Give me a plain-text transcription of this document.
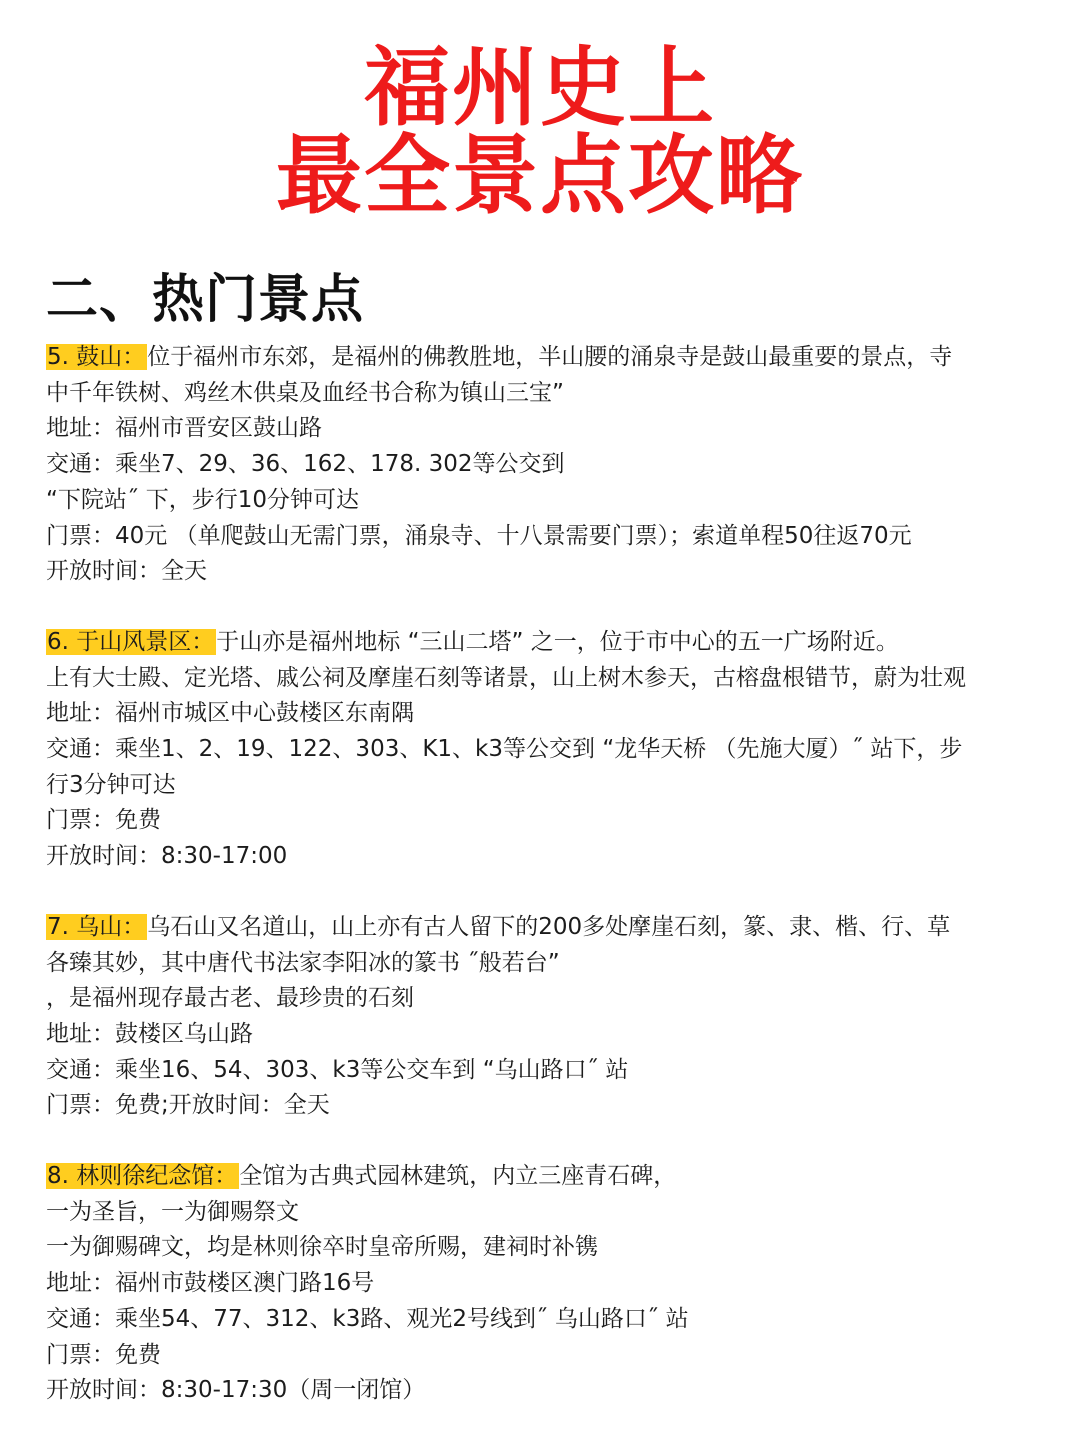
福州史上
最全景点攻略
二、热门景点
5. 鼓山：位于福州市东郊，是福州的佛教胜地，半山腰的涌泉寺是鼓山最重要的景点，寺
中千年铁树、鸡丝木供桌及血经书合称为镇山三宝”
地址：福州市晋安区鼓山路
交通：乘坐7、29、36、162、178. 302等公交到
“下院站˝ 下，步行10分钟可达
门票：40元 （单爬鼓山无需门票，涌泉寺、十八景需要门票）；索道单程50往返70元
开放时间：全天
6. 于山风景区：于山亦是福州地标 “三山二塔” 之一，位于市中心的五一广场附近。
上有大士殿、定光塔、戚公祠及摩崖石刻等诸景，山上树木参天，古榕盘根错节，蔚为壮观
地址：福州市城区中心鼓楼区东南隅
交通：乘坐1、2、19、122、303、K1、k3等公交到 “龙华天桥 （先施大厦）˝ 站下，步
行3分钟可达
门票：免费
开放时间：8:30-17:00
7. 乌山：乌石山又名道山，山上亦有古人留下的200多处摩崖石刻，篆、隶、楷、行、草
各臻其妙，其中唐代书法家李阳冰的篆书 ˝般若台”
，是福州现存最古老、最珍贵的石刻
地址：鼓楼区乌山路
交通：乘坐16、54、303、k3等公交车到 “乌山路口˝ 站
门票：免费;开放时间：全天
8. 林则徐纪念馆：全馆为古典式园林建筑，内立三座青石碑，
一为圣旨，一为御赐祭文
一为御赐碑文，均是林则徐卒时皇帝所赐，建祠时补镌
地址：福州市鼓楼区澳门路16号
交通：乘坐54、77、312、k3路、观光2号线到˝ 乌山路口˝ 站
门票：免费
开放时间：8:30-17:30（周一闭馆）
